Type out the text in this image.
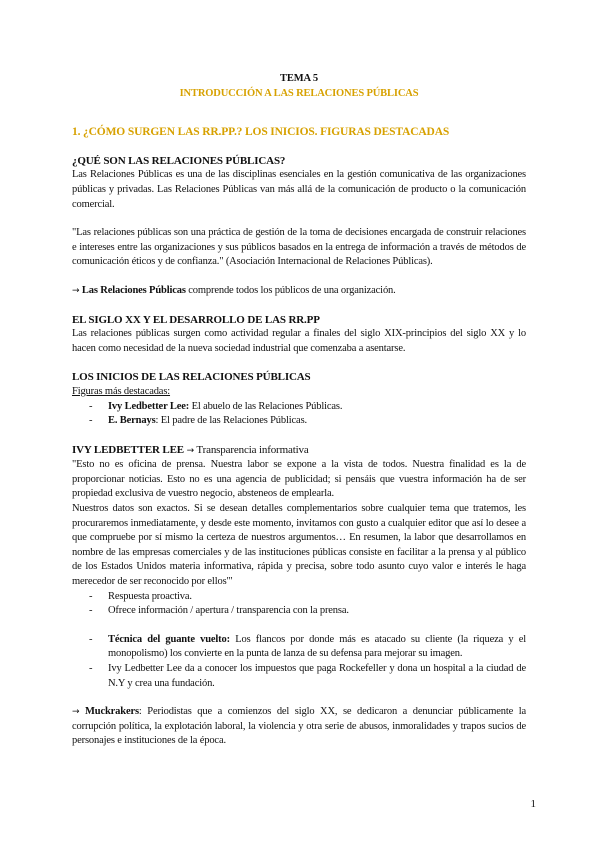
TEMA 5
INTRODUCCIÓN A LAS RELACIONES PÚBLICAS
1. ¿CÓMO SURGEN LAS RR.PP.? LOS INICIOS. FIGURAS DESTACADAS
¿QUÉ SON LAS RELACIONES PÚBLICAS?

Las Relaciones Públicas es una de las disciplinas esenciales en la gestión comunicativa de las organizaciones públicas y privadas. Las Relaciones Públicas van más allá de la comunicación de producto o la comunicación comercial.

"Las relaciones públicas son una práctica de gestión de la toma de decisiones encargada de construir relaciones e intereses entre las organizaciones y sus públicos basados en la entrega de información a través de métodos de comunicación éticos y de confianza." (Asociación Internacional de Relaciones Públicas).

→ Las Relaciones Públicas comprende todos los públicos de una organización.

EL SIGLO XX Y EL DESARROLLO DE LAS RR.PP

Las relaciones públicas surgen como actividad regular a finales del siglo XIX-principios del siglo XX y lo hacen como necesidad de la nueva sociedad industrial que comenzaba a asentarse.

LOS INICIOS DE LAS RELACIONES PÚBLICAS
Figuras más destacadas:
- Ivy Ledbetter Lee: El abuelo de las Relaciones Públicas.
- E. Bernays: El padre de las Relaciones Públicas.
IVY LEDBETTER LEE → Transparencia informativa

"Esto no es oficina de prensa. Nuestra labor se expone a la vista de todos. Nuestra finalidad es la de proporcionar noticias. Esto no es una agencia de publicidad; si pensáis que vuestra información ha de ser propiedad exclusiva de vuestro negocio, absteneos de emplearla.

Nuestros datos son exactos. Si se desean detalles complementarios sobre cualquier tema que tratemos, les procuraremos inmediatamente, y desde este momento, invitamos con gusto a cualquier editor que así lo desee a que compruebe por sí mismo la certeza de nuestros argumentos… En resumen, la labor que desarrollamos en nombre de las empresas comerciales y de las instituciones públicas consiste en facilitar a la prensa y al público de los Estados Unidos materia informativa, rápida y precisa, sobre todo asunto cuyo valor e interés le haga merecedor de ser reconocido por ellos"'

- Respuesta proactiva.
- Ofrece información / apertura / transparencia con la prensa.
- Técnica del guante vuelto: Los flancos por donde más es atacado su cliente (la riqueza y el monopolismo) los convierte en la punta de lanza de su defensa para mejorar su imagen.
- Ivy Ledbetter Lee da a conocer los impuestos que paga Rockefeller y dona un hospital a la ciudad de N.Y y crea una fundación.

→ Muckrakers: Periodistas que a comienzos del siglo XX, se dedicaron a denunciar públicamente la corrupción política, la explotación laboral, la violencia y otra serie de abusos, inmoralidades y trapos sucios de personajes e instituciones de la época.

1
